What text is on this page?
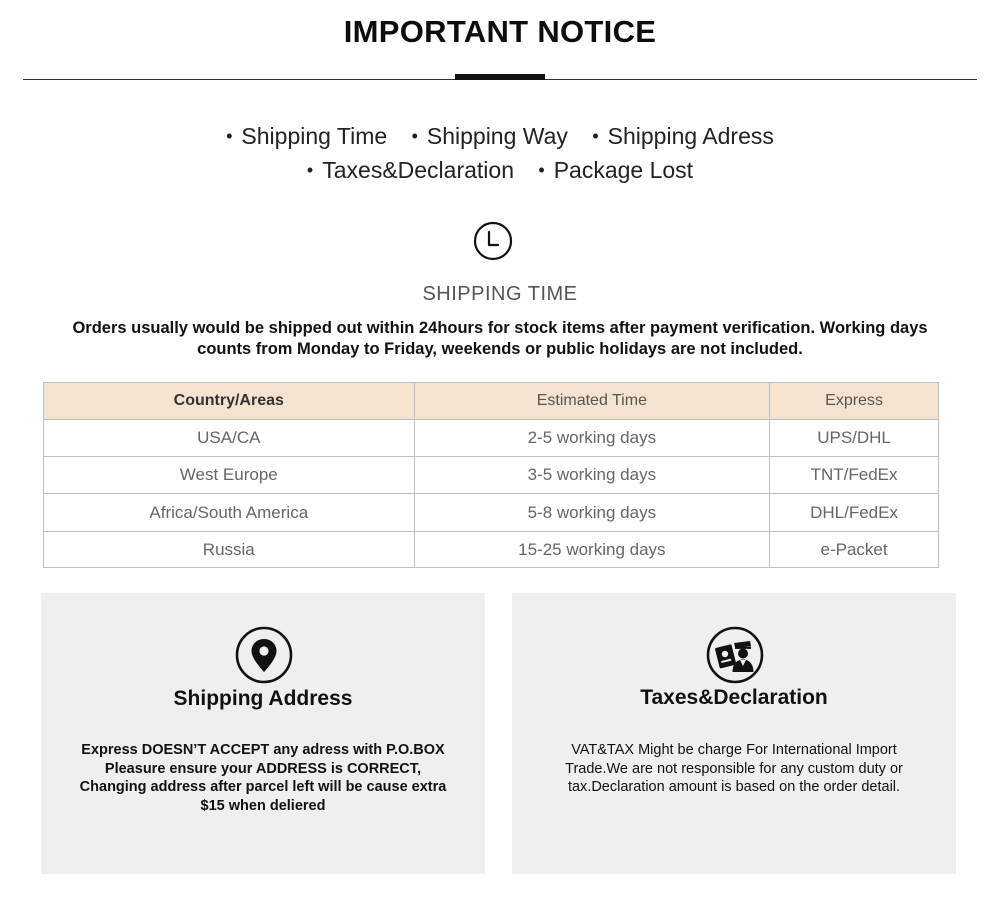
IMPORTANT NOTICE
• Shipping Time • Shipping Way • Shipping Adress
• Taxes&Declaration • Package Lost
SHIPPING TIME
Orders usually would be shipped out within 24hours for stock items after payment verification. Working days counts from Monday to Friday, weekends or public holidays are not included.
Country/Areas	Estimated Time	Express
USA/CA	2-5 working days	UPS/DHL
West Europe	3-5 working days	TNT/FedEx
Africa/South America	5-8 working days	DHL/FedEx
Russia	15-25 working days	e-Packet
Shipping Address

Express DOESN’T ACCEPT any adress with P.O.BOX

Pleasure ensure your ADDRESS is CORRECT,

Changing address after parcel left will be cause extra

$15 when deliered

Taxes&Declaration
VAT&TAX Might be charge For International Import Trade.We are not responsible for any custom duty or tax.Declaration amount is based on the order detail.
